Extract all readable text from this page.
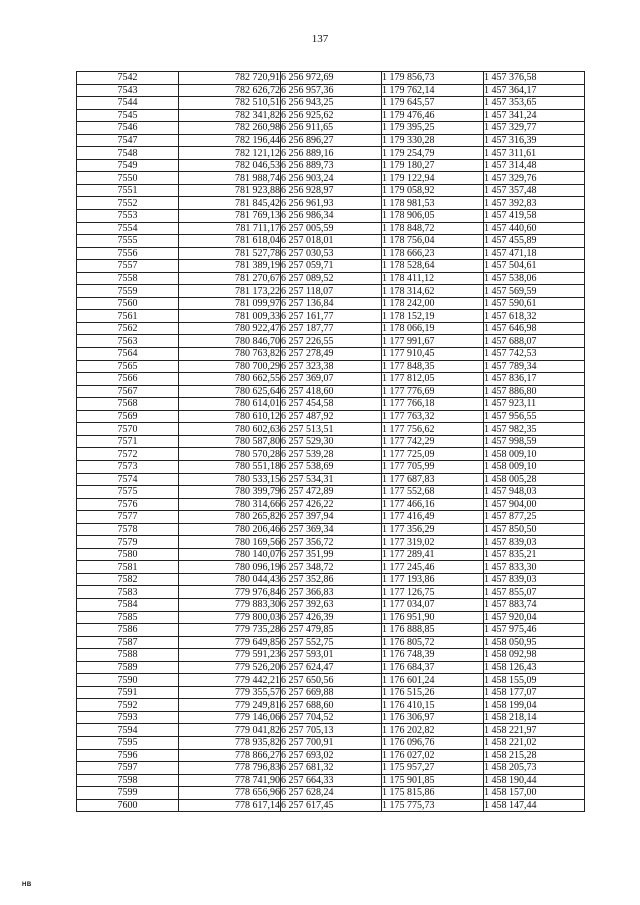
137
7542	782 720,91	6 256 972,69	1 179 856,73	1 457 376,58
7543	782 626,72	6 256 957,36	1 179 762,14	1 457 364,17
7544	782 510,51	6 256 943,25	1 179 645,57	1 457 353,65
7545	782 341,82	6 256 925,62	1 179 476,46	1 457 341,24
7546	782 260,98	6 256 911,65	1 179 395,25	1 457 329,77
7547	782 196,44	6 256 896,27	1 179 330,28	1 457 316,39
7548	782 121,12	6 256 889,16	1 179 254,79	1 457 311,61
7549	782 046,53	6 256 889,73	1 179 180,27	1 457 314,48
7550	781 988,74	6 256 903,24	1 179 122,94	1 457 329,76
7551	781 923,88	6 256 928,97	1 179 058,92	1 457 357,48
7552	781 845,42	6 256 961,93	1 178 981,53	1 457 392,83
7553	781 769,13	6 256 986,34	1 178 906,05	1 457 419,58
7554	781 711,17	6 257 005,59	1 178 848,72	1 457 440,60
7555	781 618,04	6 257 018,01	1 178 756,04	1 457 455,89
7556	781 527,78	6 257 030,53	1 178 666,23	1 457 471,18
7557	781 389,19	6 257 059,71	1 178 528,64	1 457 504,61
7558	781 270,67	6 257 089,52	1 178 411,12	1 457 538,06
7559	781 173,22	6 257 118,07	1 178 314,62	1 457 569,59
7560	781 099,97	6 257 136,84	1 178 242,00	1 457 590,61
7561	781 009,33	6 257 161,77	1 178 152,19	1 457 618,32
7562	780 922,47	6 257 187,77	1 178 066,19	1 457 646,98
7563	780 846,70	6 257 226,55	1 177 991,67	1 457 688,07
7564	780 763,82	6 257 278,49	1 177 910,45	1 457 742,53
7565	780 700,29	6 257 323,38	1 177 848,35	1 457 789,34
7566	780 662,55	6 257 369,07	1 177 812,05	1 457 836,17
7567	780 625,64	6 257 418,60	1 177 776,69	1 457 886,80
7568	780 614,01	6 257 454,58	1 177 766,18	1 457 923,11
7569	780 610,12	6 257 487,92	1 177 763,32	1 457 956,55
7570	780 602,63	6 257 513,51	1 177 756,62	1 457 982,35
7571	780 587,80	6 257 529,30	1 177 742,29	1 457 998,59
7572	780 570,28	6 257 539,28	1 177 725,09	1 458 009,10
7573	780 551,18	6 257 538,69	1 177 705,99	1 458 009,10
7574	780 533,15	6 257 534,31	1 177 687,83	1 458 005,28
7575	780 399,79	6 257 472,89	1 177 552,68	1 457 948,03
7576	780 314,66	6 257 426,22	1 177 466,16	1 457 904,00
7577	780 265,82	6 257 397,94	1 177 416,49	1 457 877,25
7578	780 206,46	6 257 369,34	1 177 356,29	1 457 850,50
7579	780 169,56	6 257 356,72	1 177 319,02	1 457 839,03
7580	780 140,07	6 257 351,99	1 177 289,41	1 457 835,21
7581	780 096,19	6 257 348,72	1 177 245,46	1 457 833,30
7582	780 044,43	6 257 352,86	1 177 193,86	1 457 839,03
7583	779 976,84	6 257 366,83	1 177 126,75	1 457 855,07
7584	779 883,30	6 257 392,63	1 177 034,07	1 457 883,74
7585	779 800,03	6 257 426,39	1 176 951,90	1 457 920,04
7586	779 735,28	6 257 479,85	1 176 888,85	1 457 975,46
7587	779 649,85	6 257 552,75	1 176 805,72	1 458 050,95
7588	779 591,23	6 257 593,01	1 176 748,39	1 458 092,98
7589	779 526,20	6 257 624,47	1 176 684,37	1 458 126,43
7590	779 442,21	6 257 650,56	1 176 601,24	1 458 155,09
7591	779 355,57	6 257 669,88	1 176 515,26	1 458 177,07
7592	779 249,81	6 257 688,60	1 176 410,15	1 458 199,04
7593	779 146,06	6 257 704,52	1 176 306,97	1 458 218,14
7594	779 041,82	6 257 705,13	1 176 202,82	1 458 221,97
7595	778 935,82	6 257 700,91	1 176 096,76	1 458 221,02
7596	778 866,27	6 257 693,02	1 176 027,02	1 458 215,28
7597	778 796,83	6 257 681,32	1 175 957,27	1 458 205,73
7598	778 741,90	6 257 664,33	1 175 901,85	1 458 190,44
7599	778 656,96	6 257 628,24	1 175 815,86	1 458 157,00
7600	778 617,14	6 257 617,45	1 175 775,73	1 458 147,44
НВ
